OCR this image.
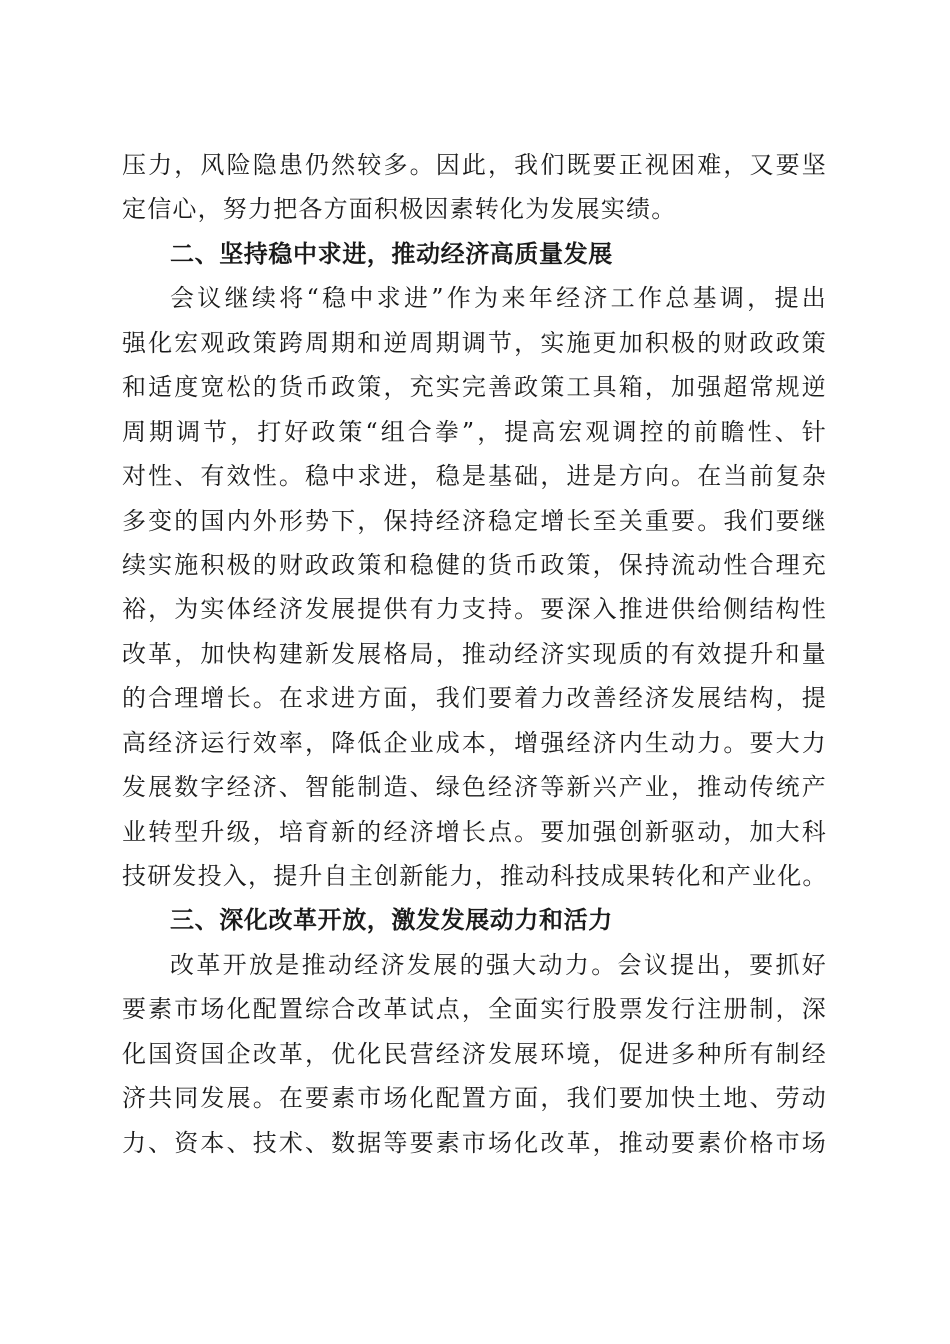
压力，风险隐患仍然较多。因此，我们既要正视困难，又要坚
定信心，努力把各方面积极因素转化为发展实绩。
二、坚持稳中求进，推动经济高质量发展
会议继续将“稳中求进”作为来年经济工作总基调，提出
强化宏观政策跨周期和逆周期调节，实施更加积极的财政政策
和适度宽松的货币政策，充实完善政策工具箱，加强超常规逆
周期调节，打好政策“组合拳”，提高宏观调控的前瞻性、针
对性、有效性。稳中求进，稳是基础，进是方向。在当前复杂
多变的国内外形势下，保持经济稳定增长至关重要。我们要继
续实施积极的财政政策和稳健的货币政策，保持流动性合理充
裕，为实体经济发展提供有力支持。要深入推进供给侧结构性
改革，加快构建新发展格局，推动经济实现质的有效提升和量
的合理增长。在求进方面，我们要着力改善经济发展结构，提
高经济运行效率，降低企业成本，增强经济内生动力。要大力
发展数字经济、智能制造、绿色经济等新兴产业，推动传统产
业转型升级，培育新的经济增长点。要加强创新驱动，加大科
技研发投入，提升自主创新能力，推动科技成果转化和产业化。
三、深化改革开放，激发发展动力和活力
改革开放是推动经济发展的强大动力。会议提出，要抓好
要素市场化配置综合改革试点，全面实行股票发行注册制，深
化国资国企改革，优化民营经济发展环境，促进多种所有制经
济共同发展。在要素市场化配置方面，我们要加快土地、劳动
力、资本、技术、数据等要素市场化改革，推动要素价格市场
